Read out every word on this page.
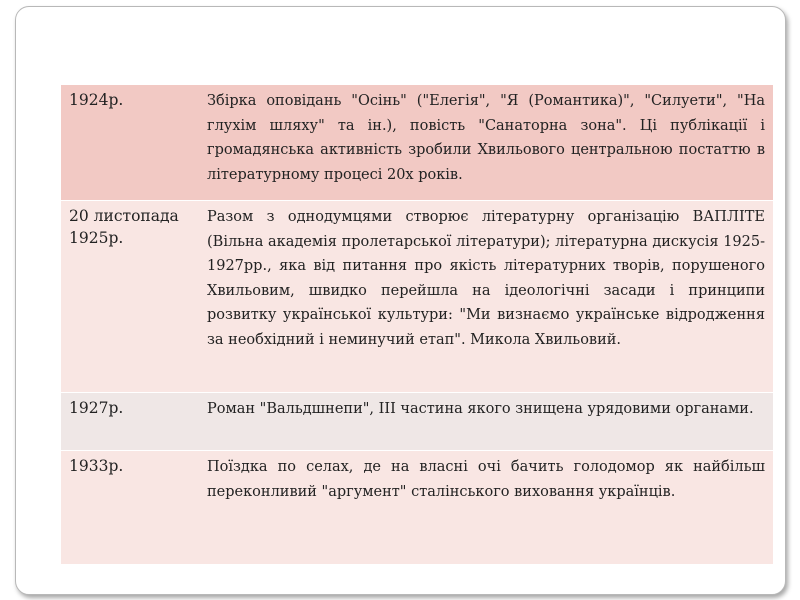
1924р.	Збірка оповідань "Осінь" ("Елегія", "Я (Романтика)", "Силуети", "На глухім шляху" та ін.), повість "Санаторна зона". Ці публікації і громадянська активність зробили Хвильового центральною постаттю в літературному процесі 20х років.
20 листопада 1925р.	Разом з однодумцями створює літературну організацію ВАПЛІТЕ (Вільна академія пролетарської літератури); літературна дискусія 1925-1927рр., яка від питання про якість літературних творів, порушеного Хвильовим, швидко перейшла на ідеологічні засади і принципи розвитку української культури: "Ми визнаємо українське відродження за необхідний і неминучий етап". Микола Хвильовий.
1927р.	Роман "Вальдшнепи", ІІІ частина якого знищена урядовими органами.
1933р.	Поїздка по селах, де на власні очі бачить голодомор як найбільш переконливий "аргумент" сталінського виховання українців.
